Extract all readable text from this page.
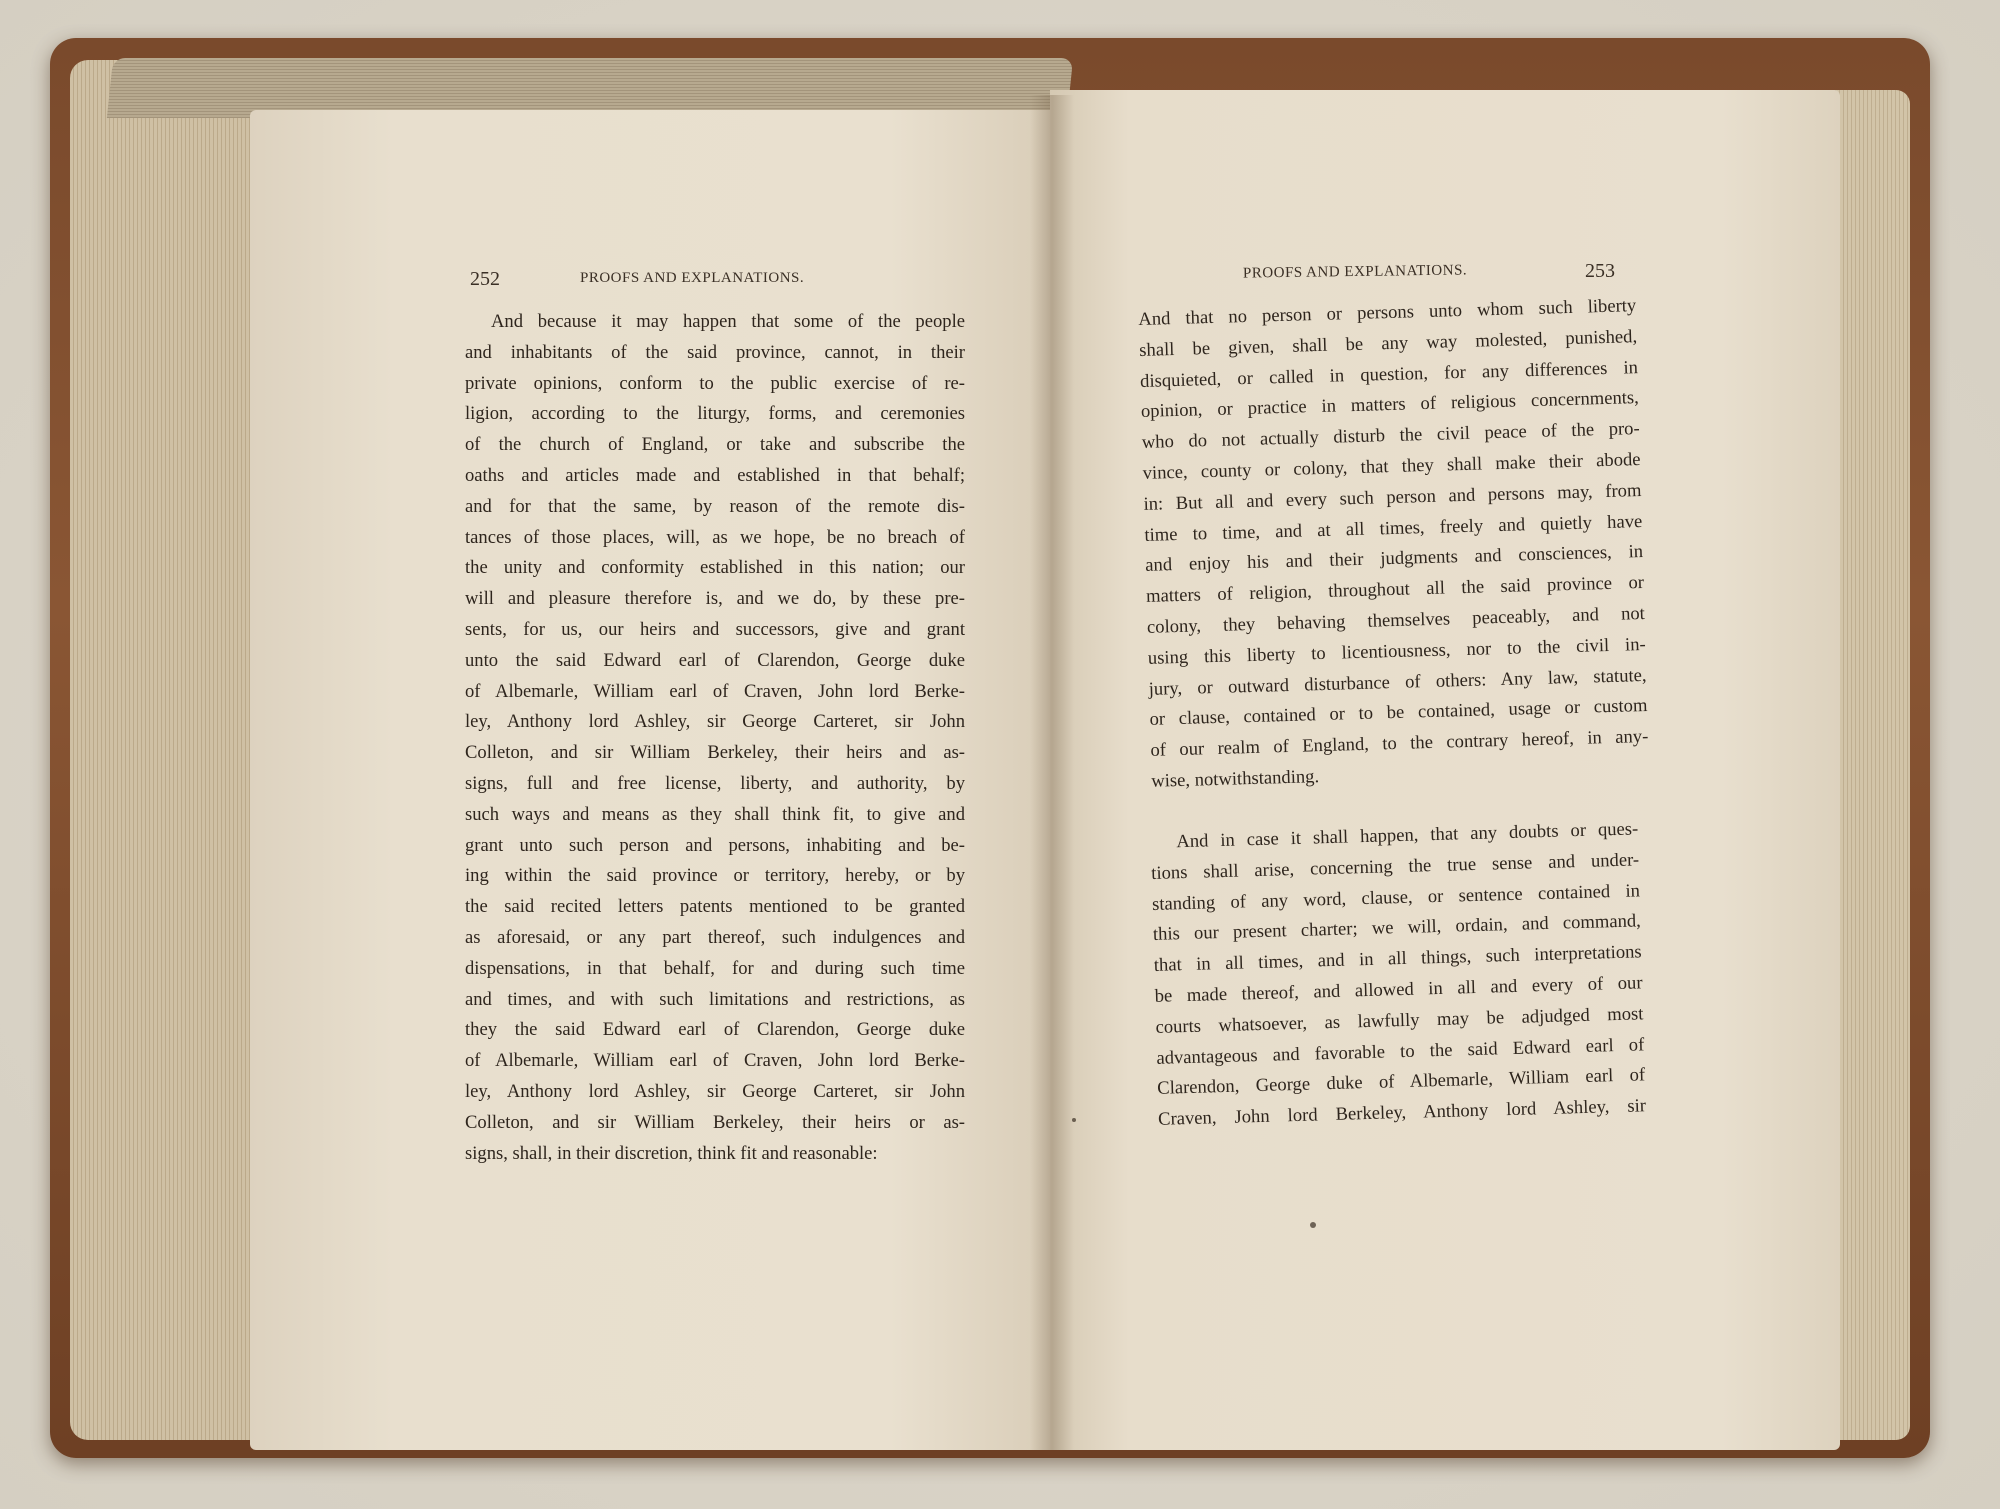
252	PROOFS AND EXPLANATIONS.	PROOFS AND EXPLANATIONS.	253
And because it may happen that some of the people
and inhabitants of the said province, cannot, in their
private opinions, conform to the public exercise of re-
ligion, according to the liturgy, forms, and ceremonies
of the church of England, or take and subscribe the
oaths and articles made and established in that behalf;
and for that the same, by reason of the remote dis-
tances of those places, will, as we hope, be no breach of
the unity and conformity established in this nation; our
will and pleasure therefore is, and we do, by these pre-
sents, for us, our heirs and successors, give and grant
unto the said Edward earl of Clarendon, George duke
of Albemarle, William earl of Craven, John lord Berke-
ley, Anthony lord Ashley, sir George Carteret, sir John
Colleton, and sir William Berkeley, their heirs and as-
signs, full and free license, liberty, and authority, by
such ways and means as they shall think fit, to give and
grant unto such person and persons, inhabiting and be-
ing within the said province or territory, hereby, or by
the said recited letters patents mentioned to be granted
as aforesaid, or any part thereof, such indulgences and
dispensations, in that behalf, for and during such time
and times, and with such limitations and restrictions, as
they the said Edward earl of Clarendon, George duke
of Albemarle, William earl of Craven, John lord Berke-
ley, Anthony lord Ashley, sir George Carteret, sir John
Colleton, and sir William Berkeley, their heirs or as-
signs, shall, in their discretion, think fit and reasonable:
And that no person or persons unto whom such liberty
shall be given, shall be any way molested, punished,
disquieted, or called in question, for any differences in
opinion, or practice in matters of religious concernments,
who do not actually disturb the civil peace of the pro-
vince, county or colony, that they shall make their abode
in: But all and every such person and persons may, from
time to time, and at all times, freely and quietly have
and enjoy his and their judgments and consciences, in
matters of religion, throughout all the said province or
colony, they behaving themselves peaceably, and not
using this liberty to licentiousness, nor to the civil in-
jury, or outward disturbance of others: Any law, statute,
or clause, contained or to be contained, usage or custom
of our realm of England, to the contrary hereof, in any-
wise, notwithstanding.
And in case it shall happen, that any doubts or ques-
tions shall arise, concerning the true sense and under-
standing of any word, clause, or sentence contained in
this our present charter; we will, ordain, and command,
that in all times, and in all things, such interpretations
be made thereof, and allowed in all and every of our
courts whatsoever, as lawfully may be adjudged most
advantageous and favorable to the said Edward earl of
Clarendon, George duke of Albemarle, William earl of
Craven, John lord Berkeley, Anthony lord Ashley, sir
